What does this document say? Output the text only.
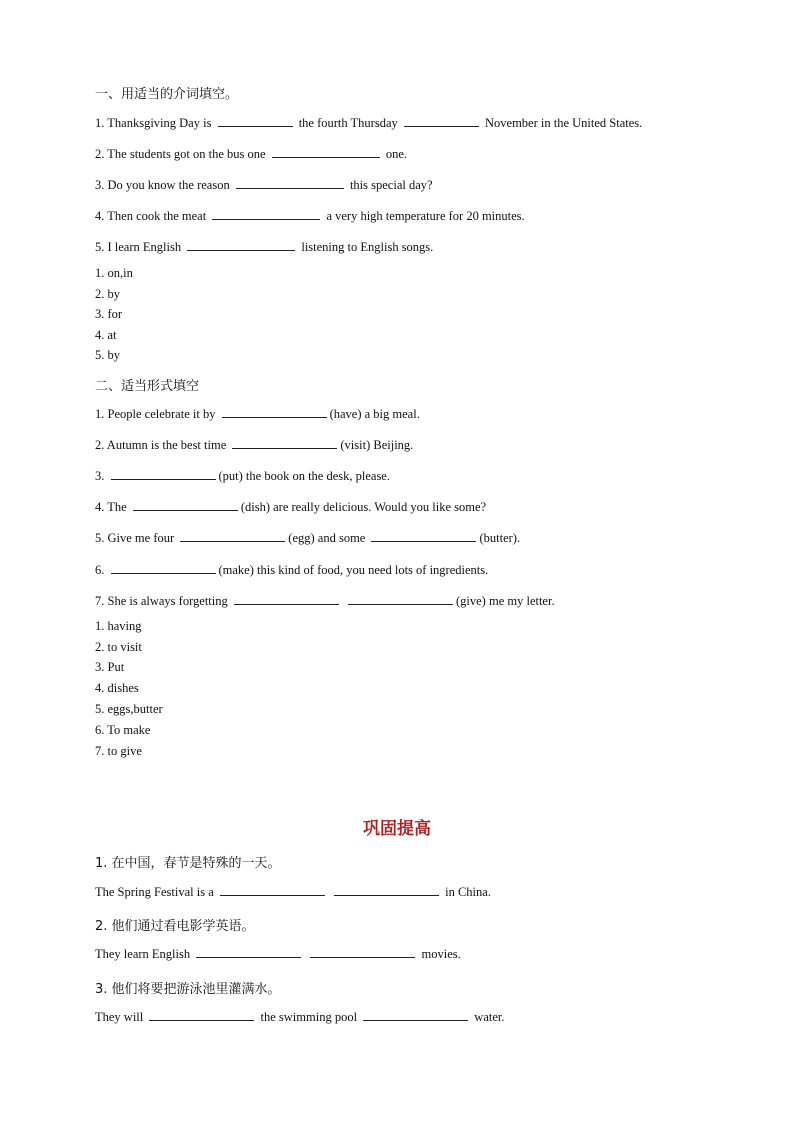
一、用适当的介词填空。
1. Thanksgiving Day is	the fourth Thursday	November in the United States.
2. The students got on the bus one	one.
3. Do you know the reason	this special day?
4. Then cook the meat	a very high temperature for 20 minutes.
5. I learn English	listening to English songs.
1. on,in
2. by
3. for
4. at
5. by
二、适当形式填空
1. People celebrate it by	(have) a big meal.
2. Autumn is the best time	(visit) Beijing.
3.	(put) the book on the desk, please.
4. The	(dish) are really delicious. Would you like some?
5. Give me four	(egg) and some	(butter).
6.	(make) this kind of food, you need lots of ingredients.
7. She is always forgetting	(give) me my letter.
1. having
2. to visit
3. Put
4. dishes
5. eggs,butter
6. To make
7. to give
1. 在中国，春节是特殊的一天。
The Spring Festival is a	in China.
2. 他们通过看电影学英语。
They learn English	movies.
3. 他们将要把游泳池里灌满水。
They will	the swimming pool	water.
巩固提高
